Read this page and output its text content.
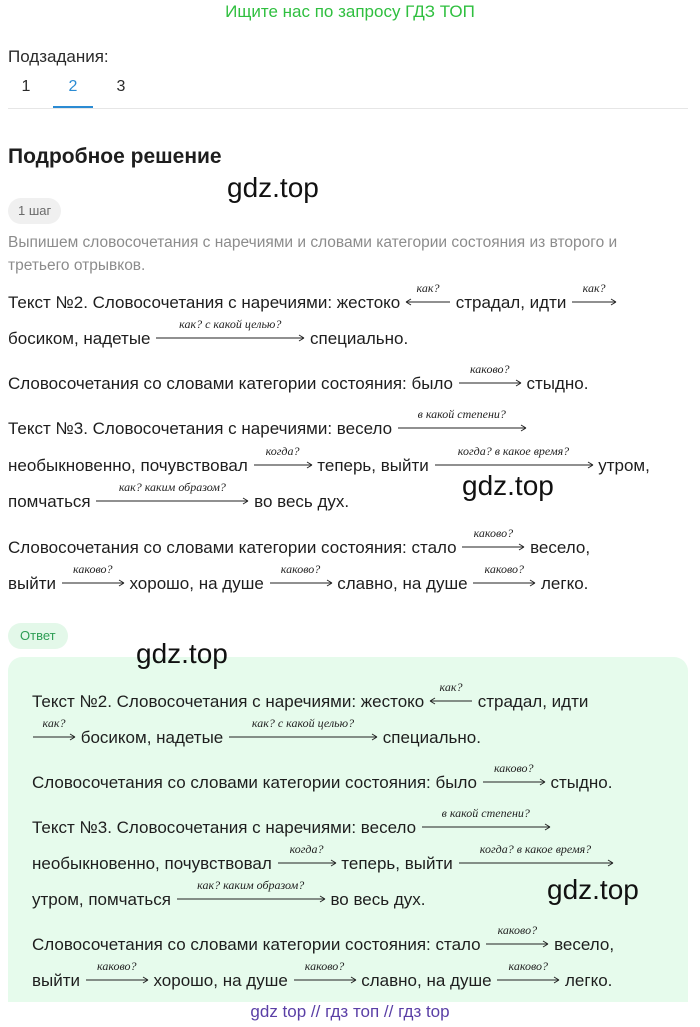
Ищите нас по запросу ГДЗ ТОП
Подзадания:
1	2	3
Подробное решение
gdz.top
1 шаг
Выпишем словосочетания с наречиями и словами категории состояния из второго и третьего отрывков.
Текст №2. Словосочетания с наречиями: жестоко
как?
страдал, идти
как?
босиком, надетые
как? с какой целью?
специально.
Словосочетания со словами категории состояния: было
каково?
стыдно.
Текст №3. Словосочетания с наречиями: весело
в какой степени?
необыкновенно, почувствовал
когда?
теперь, выйти
когда? в какое время?
утром,
помчаться
как? каким образом?
во весь дух.
gdz.top
Словосочетания со словами категории состояния: стало
каково?
весело,
выйти
каково?
хорошо, на душе
каково?
славно, на душе
каково?
легко.
Ответ
gdz.top
Текст №2. Словосочетания с наречиями: жестоко
как?
страдал, идти
как?
босиком, надетые
как? с какой целью?
специально.
Словосочетания со словами категории состояния: было
каково?
стыдно.
Текст №3. Словосочетания с наречиями: весело
в какой степени?
необыкновенно, почувствовал
когда?
теперь, выйти
когда? в какое время?
утром, помчаться
как? каким образом?
во весь дух.	gdz.top
Словосочетания со словами категории состояния: стало
каково?
весело,
выйти
каково?
хорошо, на душе
каково?
славно, на душе
каково?
легко.
gdz top // гдз топ // гдз top
